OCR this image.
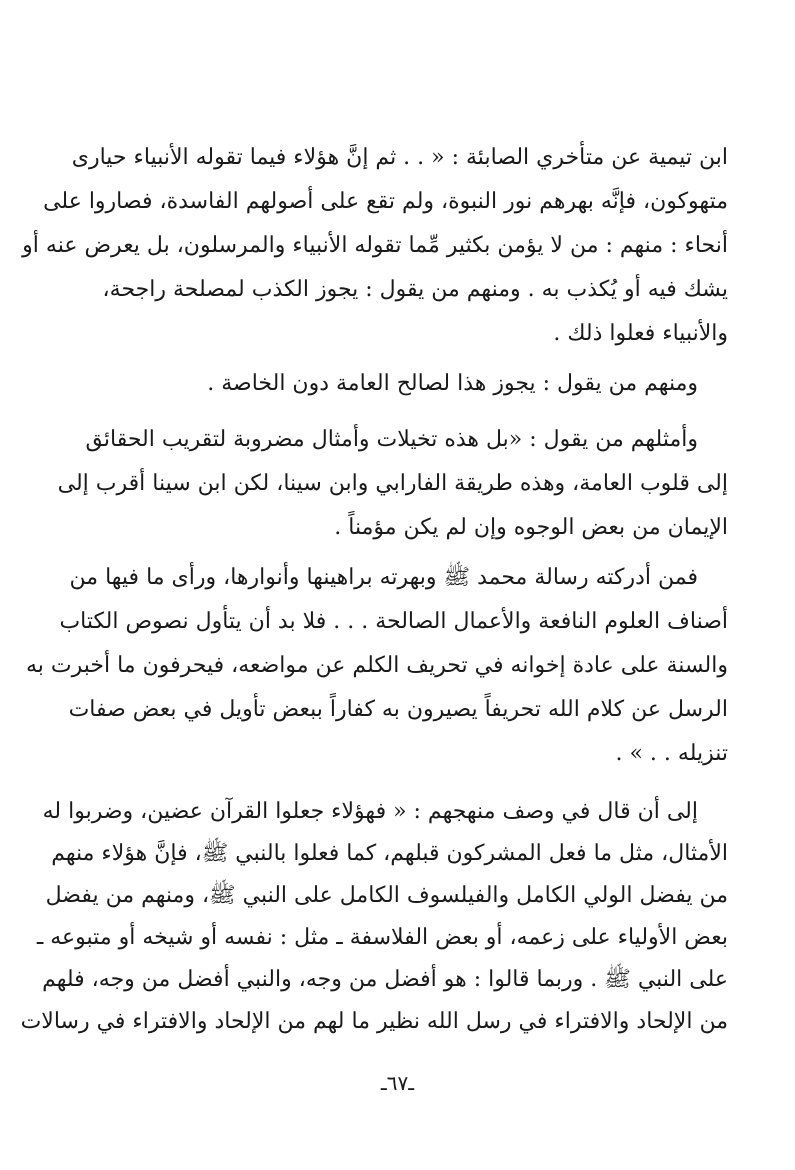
ابن تيمية عن متأخري الصابئة : « . . ثم إنَّ هؤلاء فيما تقوله الأنبياء حيارى
متهوكون، فإنَّه بهرهم نور النبوة، ولم تقع على أصولهم الفاسدة، فصاروا على
أنحاء : منهم : من لا يؤمن بكثير مِّما تقوله الأنبياء والمرسلون، بل يعرض عنه أو
يشك فيه أو يُكذب به . ومنهم من يقول : يجوز الكذب لمصلحة راجحة،
والأنبياء فعلوا ذلك .
ومنهم من يقول : يجوز هذا لصالح العامة دون الخاصة .
وأمثلهم من يقول : «بل هذه تخيلات وأمثال مضروبة لتقريب الحقائق
إلى قلوب العامة، وهذه طريقة الفارابي وابن سينا، لكن ابن سينا أقرب إلى
الإيمان من بعض الوجوه وإن لم يكن مؤمناً .
فمن أدركته رسالة محمد ﷺ وبهرته براهينها وأنوارها، ورأى ما فيها من
أصناف العلوم النافعة والأعمال الصالحة . . . فلا بد أن يتأول نصوص الكتاب
والسنة على عادة إخوانه في تحريف الكلم عن مواضعه، فيحرفون ما أخبرت به
الرسل عن كلام الله تحريفاً يصيرون به كفاراً ببعض تأويل في بعض صفات
تنزيله . . » .
إلى أن قال في وصف منهجهم : « فهؤلاء جعلوا القرآن عضين، وضربوا له
الأمثال، مثل ما فعل المشركون قبلهم، كما فعلوا بالنبي ﷺ، فإنَّ هؤلاء منهم
من يفضل الولي الكامل والفيلسوف الكامل على النبي ﷺ، ومنهم من يفضل
بعض الأولياء على زعمه، أو بعض الفلاسفة ـ مثل : نفسه أو شيخه أو متبوعه ـ
على النبي ﷺ . وربما قالوا : هو أفضل من وجه، والنبي أفضل من وجه، فلهم
من الإلحاد والافتراء في رسل الله نظير ما لهم من الإلحاد والافتراء في رسالات
ـ٦٧ـ
